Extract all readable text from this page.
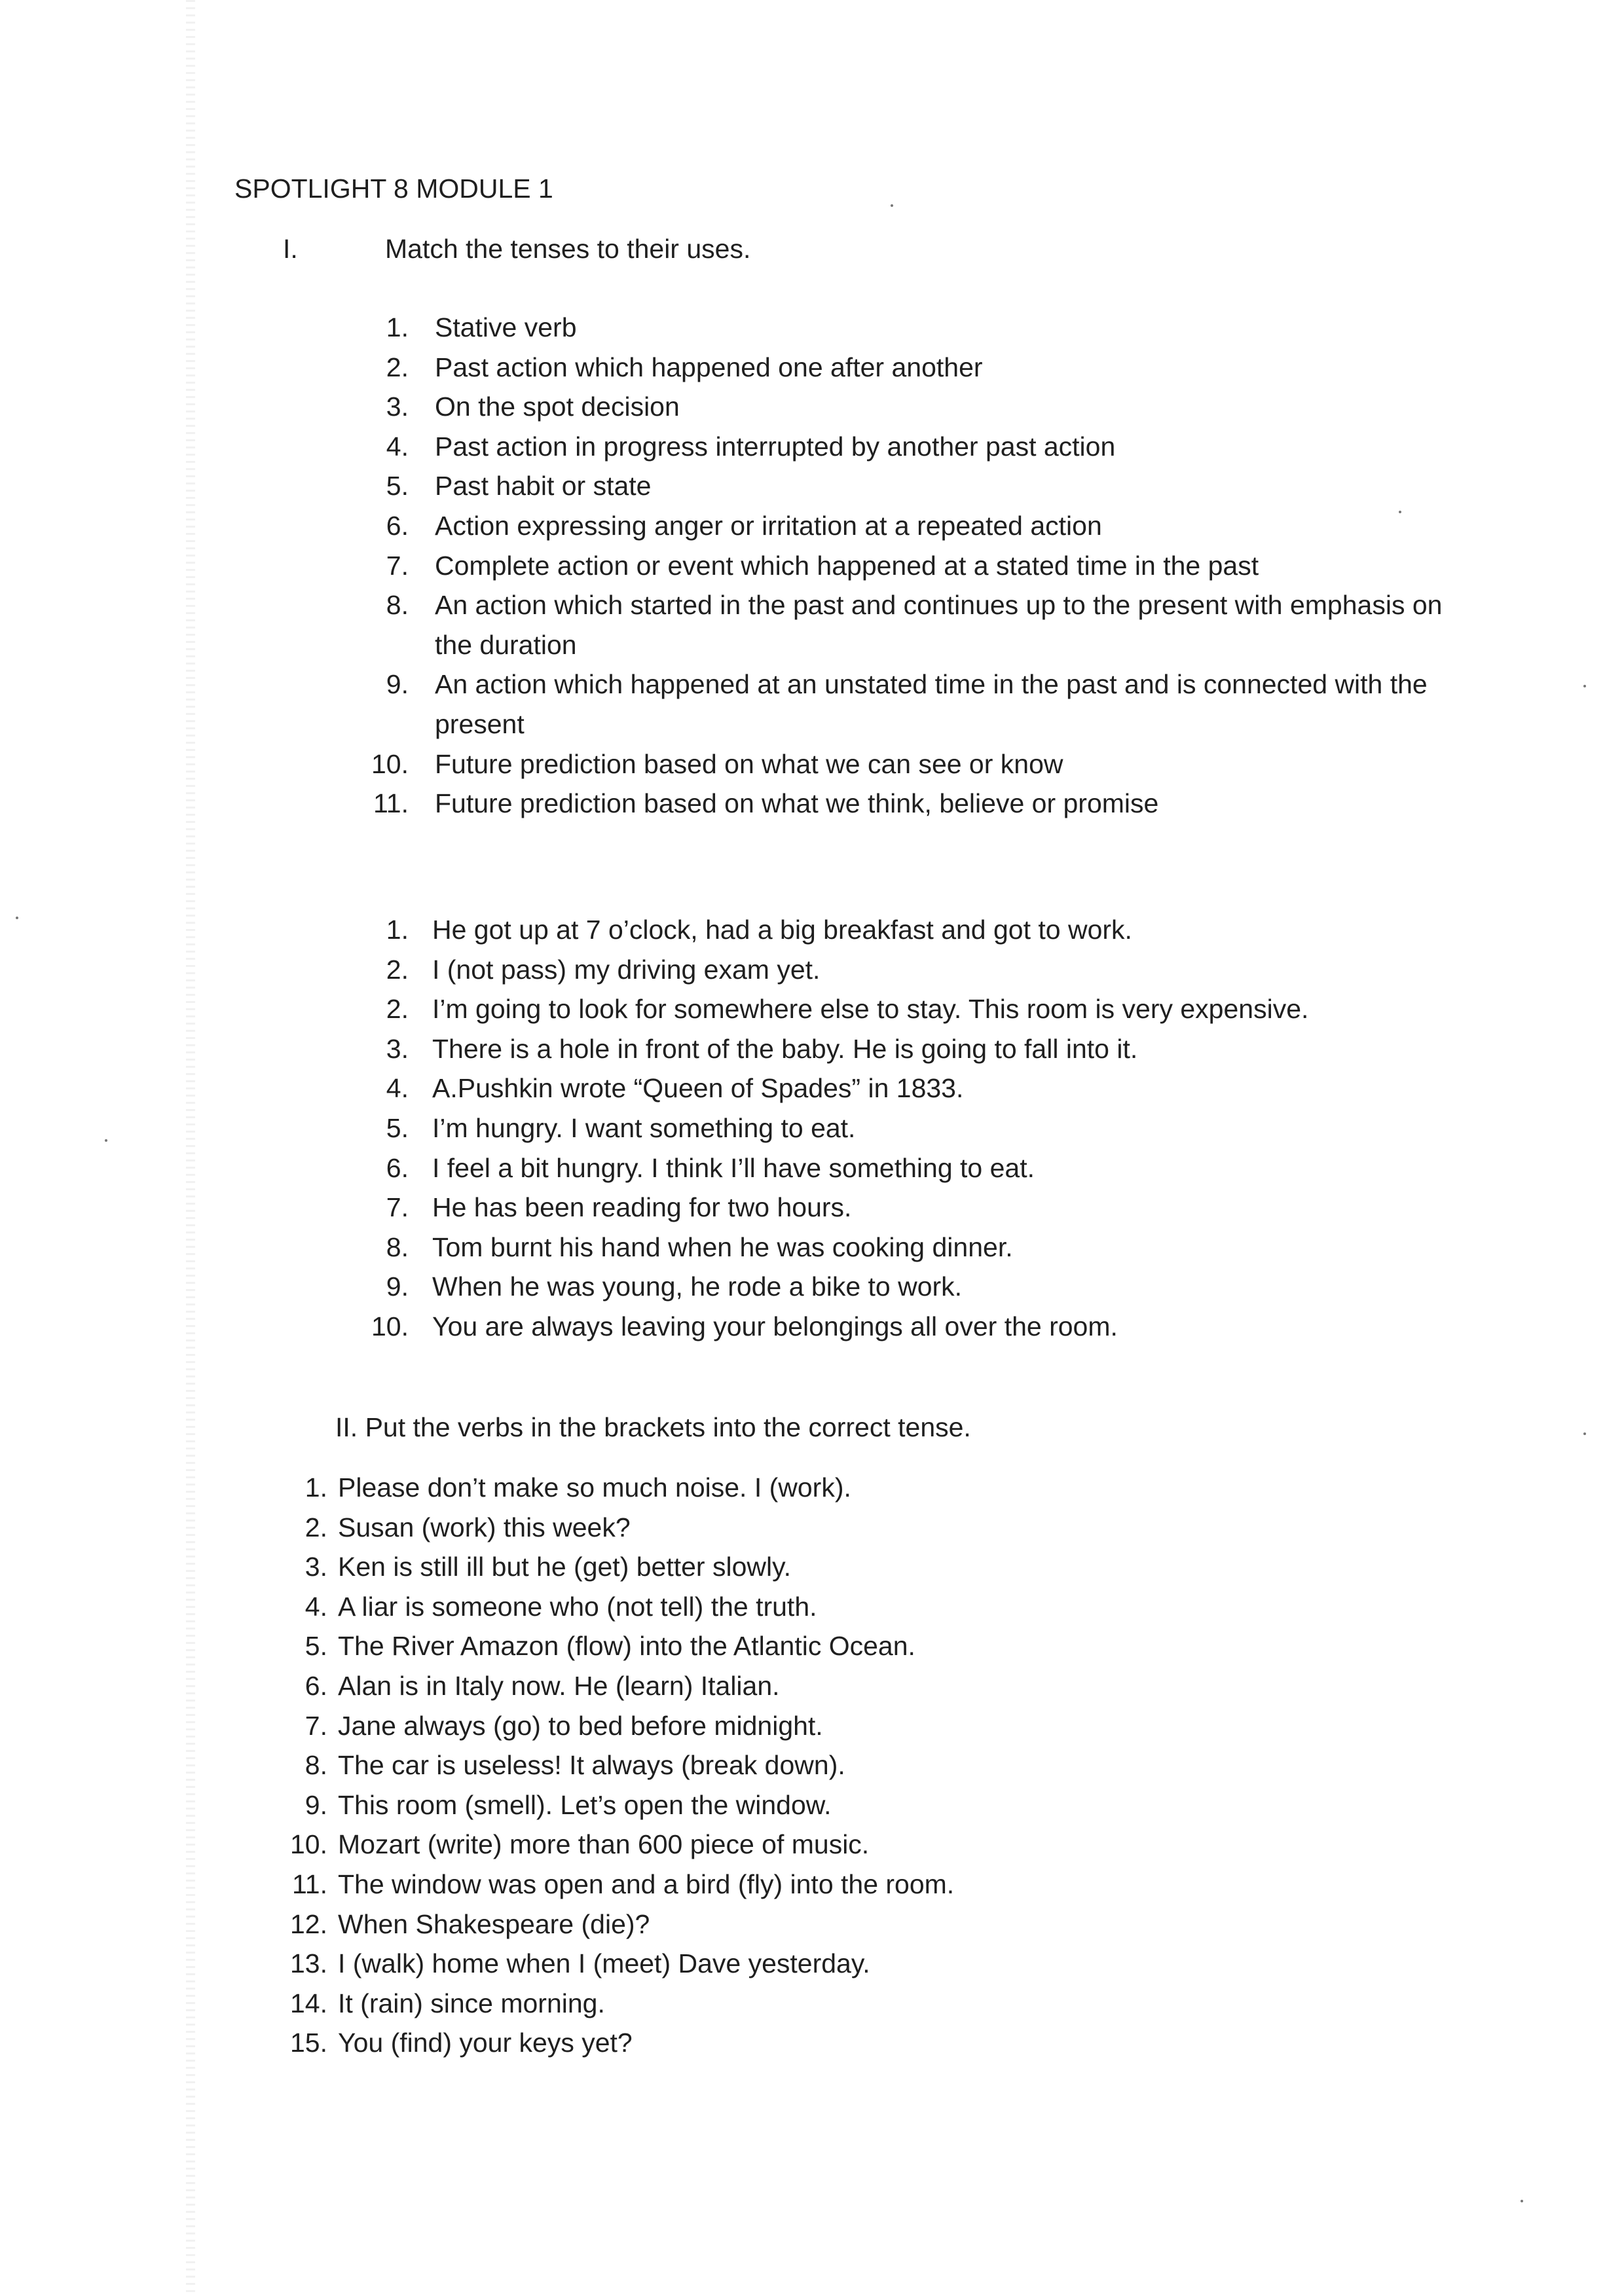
SPOTLIGHT 8 MODULE 1
I.	Match the tenses to their uses.
1. Stative verb
2. Past action which happened one after another
3. On the spot decision
4. Past action in progress interrupted by another past action
5. Past habit or state
6. Action expressing anger or irritation at a repeated action
7. Complete action or event which happened at a stated time in the past
8. An action which started in the past and continues up to the present with emphasis on
the duration
9. An action which happened at an unstated time in the past and is connected with the
present
10. Future prediction based on what we can see or know
11. Future prediction based on what we think, believe or promise
1. He got up at 7 o’clock, had a big breakfast and got to work.
2. I (not pass) my driving exam yet.
2. I’m going to look for somewhere else to stay. This room is very expensive.
3. There is a hole in front of the baby. He is going to fall into it.
4. A.Pushkin wrote “Queen of Spades” in 1833.
5. I’m hungry. I want something to eat.
6. I feel a bit hungry. I think I’ll have something to eat.
7. He has been reading for two hours.
8. Tom burnt his hand when he was cooking dinner.
9. When he was young, he rode a bike to work.
10. You are always leaving your belongings all over the room.
II. Put the verbs in the brackets into the correct tense.
1. Please don’t make so much noise. I (work).
2. Susan (work) this week?
3. Ken is still ill but he (get) better slowly.
4. A liar is someone who (not tell) the truth.
5. The River Amazon (flow) into the Atlantic Ocean.
6. Alan is in Italy now. He (learn) Italian.
7. Jane always (go) to bed before midnight.
8. The car is useless! It always (break down).
9. This room (smell). Let’s open the window.
10. Mozart (write) more than 600 piece of music.
11. The window was open and a bird (fly) into the room.
12. When Shakespeare (die)?
13. I (walk) home when I (meet) Dave yesterday.
14. It (rain) since morning.
15. You (find) your keys yet?
